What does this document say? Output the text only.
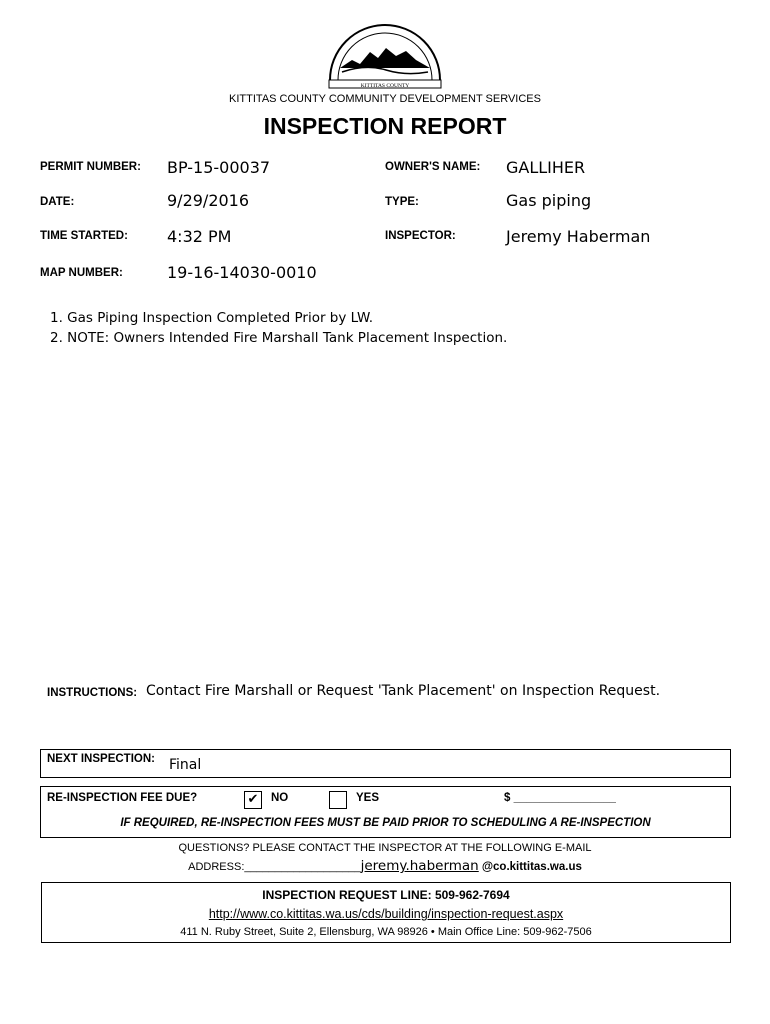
KITTITAS COUNTY
KITTITAS COUNTY COMMUNITY DEVELOPMENT SERVICES
INSPECTION REPORT
PERMIT NUMBER: BP-15-00037	OWNER'S NAME: GALLIHER
DATE:	9/29/2016	TYPE:	Gas piping
TIME STARTED: 4:32 PM	INSPECTOR:	Jeremy Haberman
MAP NUMBER:	19-16-14030-0010
1. Gas Piping Inspection Completed Prior by LW.
2. NOTE: Owners Intended Fire Marshall Tank Placement Inspection.
INSTRUCTIONS: Contact Fire Marshall or Request 'Tank Placement' on Inspection Request.
NEXT INSPECTION: Final
RE-INSPECTION FEE DUE?	✔	NO	YES	$ ________________
IF REQUIRED, RE-INSPECTION FEES MUST BE PAID PRIOR TO SCHEDULING A RE-INSPECTION
QUESTIONS? PLEASE CONTACT THE INSPECTOR AT THE FOLLOWING E-MAIL
ADDRESS:___________________jeremy.haberman @co.kittitas.wa.us
INSPECTION REQUEST LINE: 509-962-7694
http://www.co.kittitas.wa.us/cds/building/inspection-request.aspx
411 N. Ruby Street, Suite 2, Ellensburg, WA 98926 • Main Office Line: 509-962-7506
